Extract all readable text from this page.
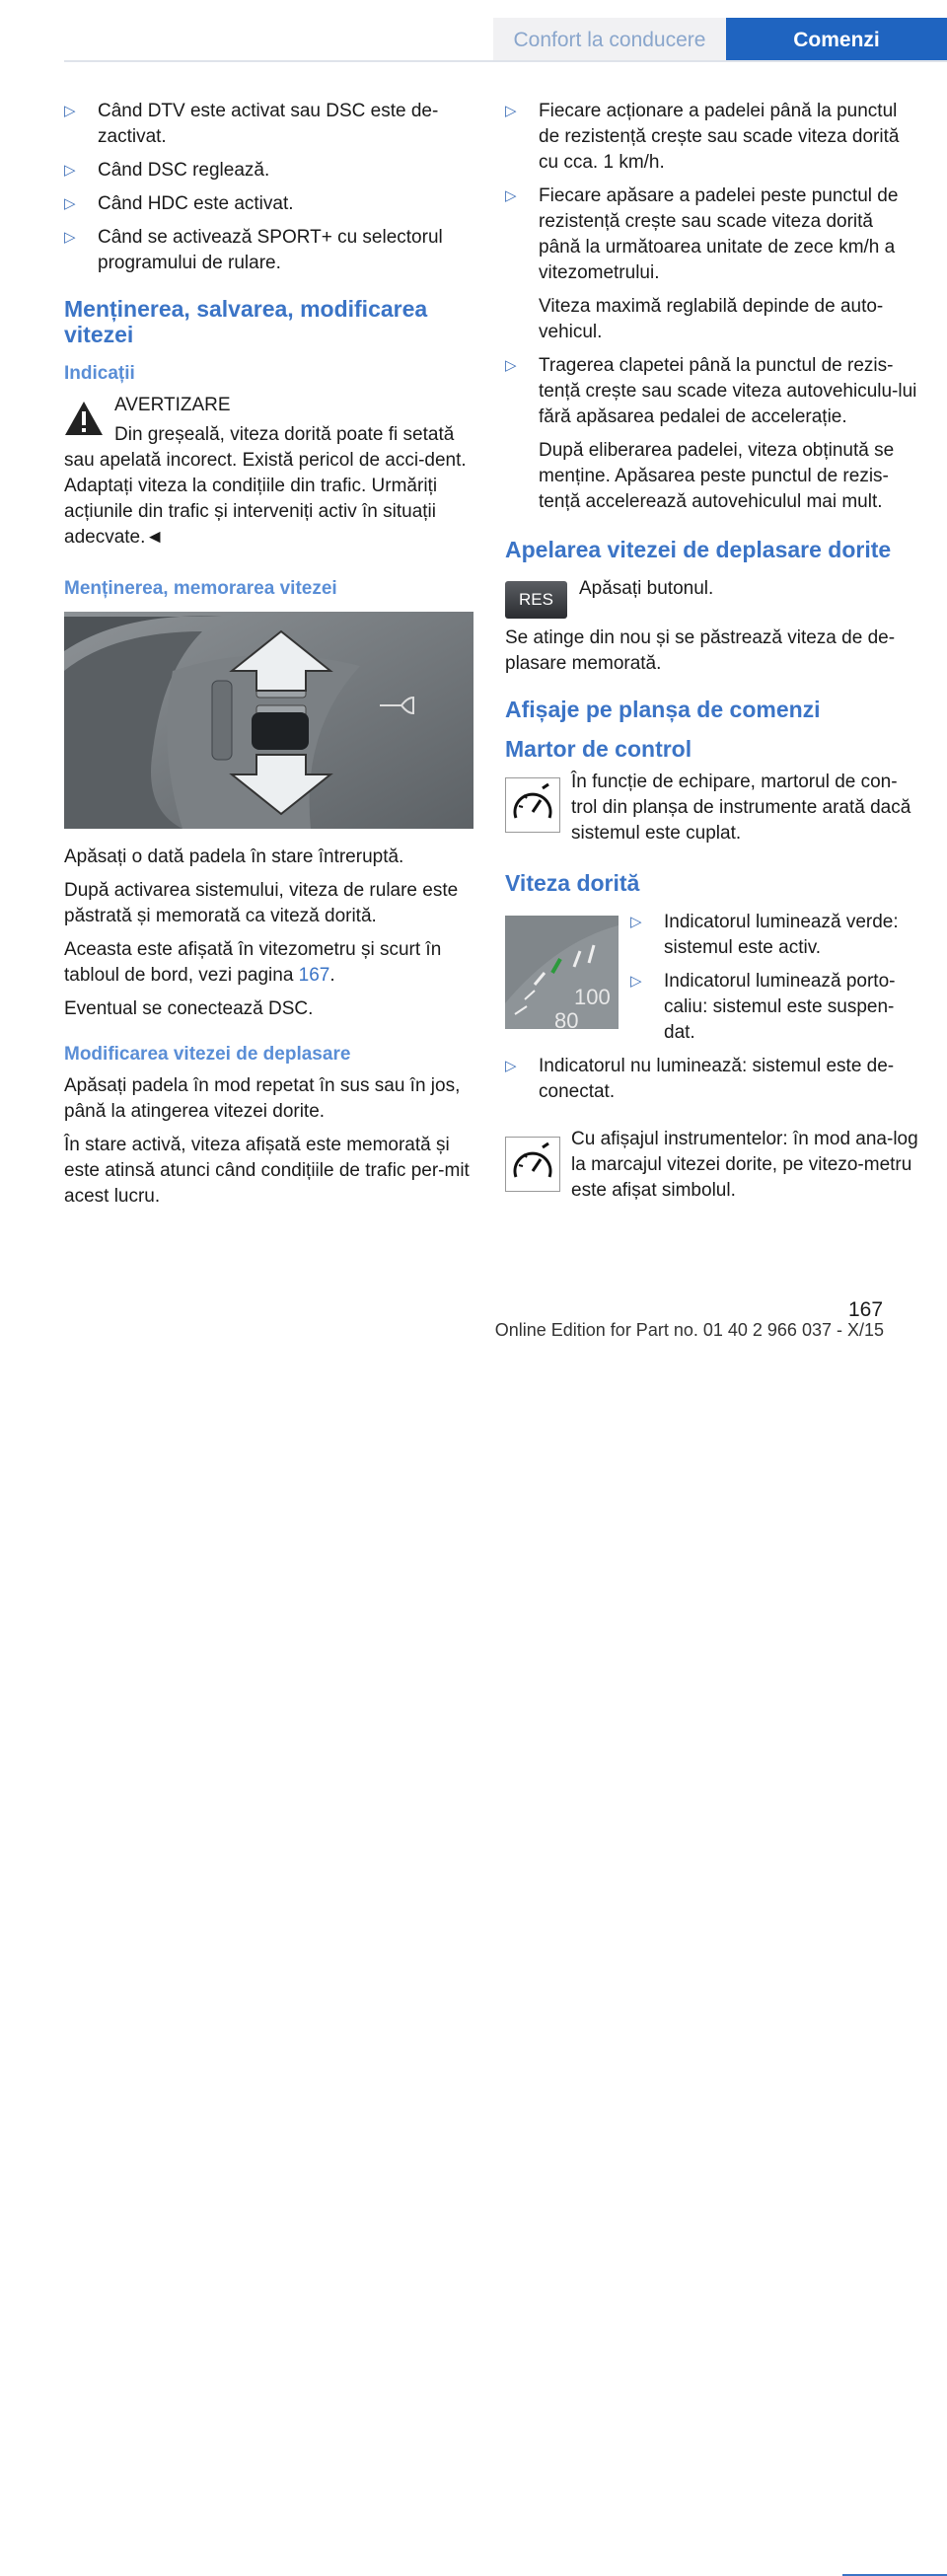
Confort la conducere	Comenzi
▷ Când DTV este activat sau DSC este de‐zactivat.
▷ Când DSC reglează.
▷ Când HDC este activat.
▷ Când se activează SPORT+ cu selectorul programului de rulare.
Menținerea, salvarea, modificarea vitezei
Indicații

AVERTIZARE

Din greșeală, viteza dorită poate fi setată sau apelată incorect. Există pericol de acci‐dent. Adaptați viteza la condițiile din trafic. Urmăriți acțiunile din trafic și interveniți activ în situații adecvate.◄

Menținerea, memorarea vitezei

Apăsați o dată padela în stare întreruptă.

După activarea sistemului, viteza de rulare este păstrată și memorată ca viteză dorită.

Aceasta este afișată în vitezometru și scurt în tabloul de bord, vezi pagina 167.

Eventual se conectează DSC.

Modificarea vitezei de deplasare

Apăsați padela în mod repetat în sus sau în jos, până la atingerea vitezei dorite.

În stare activă, viteza afișată este memorată și este atinsă atunci când condițiile de trafic per‐mit acest lucru.

▷ Fiecare acționare a padelei până la punctul de rezistență crește sau scade viteza dorită cu cca. 1 km/h.
▷ Fiecare apăsare a padelei peste punctul de rezistență crește sau scade viteza dorită până la următoarea unitate de zece km/h a vitezometrului.

Viteza maximă reglabilă depinde de auto‐vehicul.

▷ Tragerea clapetei până la punctul de rezis‐tență crește sau scade viteza autovehiculu‐lui fără apăsarea pedalei de accelerație.

După eliberarea padelei, viteza obținută se menține. Apăsarea peste punctul de rezis‐tență accelerează autovehiculul mai mult.

Apelarea vitezei de deplasare dorite
RES

Apăsați butonul.

Se atinge din nou și se păstrează viteza de de‐plasare memorată.

Afișaje pe planșa de comenzi
Martor de control

În funcție de echipare, martorul de con‐trol din planșa de instrumente arată dacă sistemul este cuplat.

Viteza dorită
100
80
▷ Indicatorul luminează verde: sistemul este activ.
▷ Indicatorul luminează porto‐caliu: sistemul este suspen‐dat.
▷ Indicatorul nu luminează: sistemul este de‐conectat.

Cu afișajul instrumentelor: în mod ana‐log la marcajul vitezei dorite, pe vitezo‐metru este afișat simbolul.

167
Online Edition for Part no. 01 40 2 966 037 - X/15
